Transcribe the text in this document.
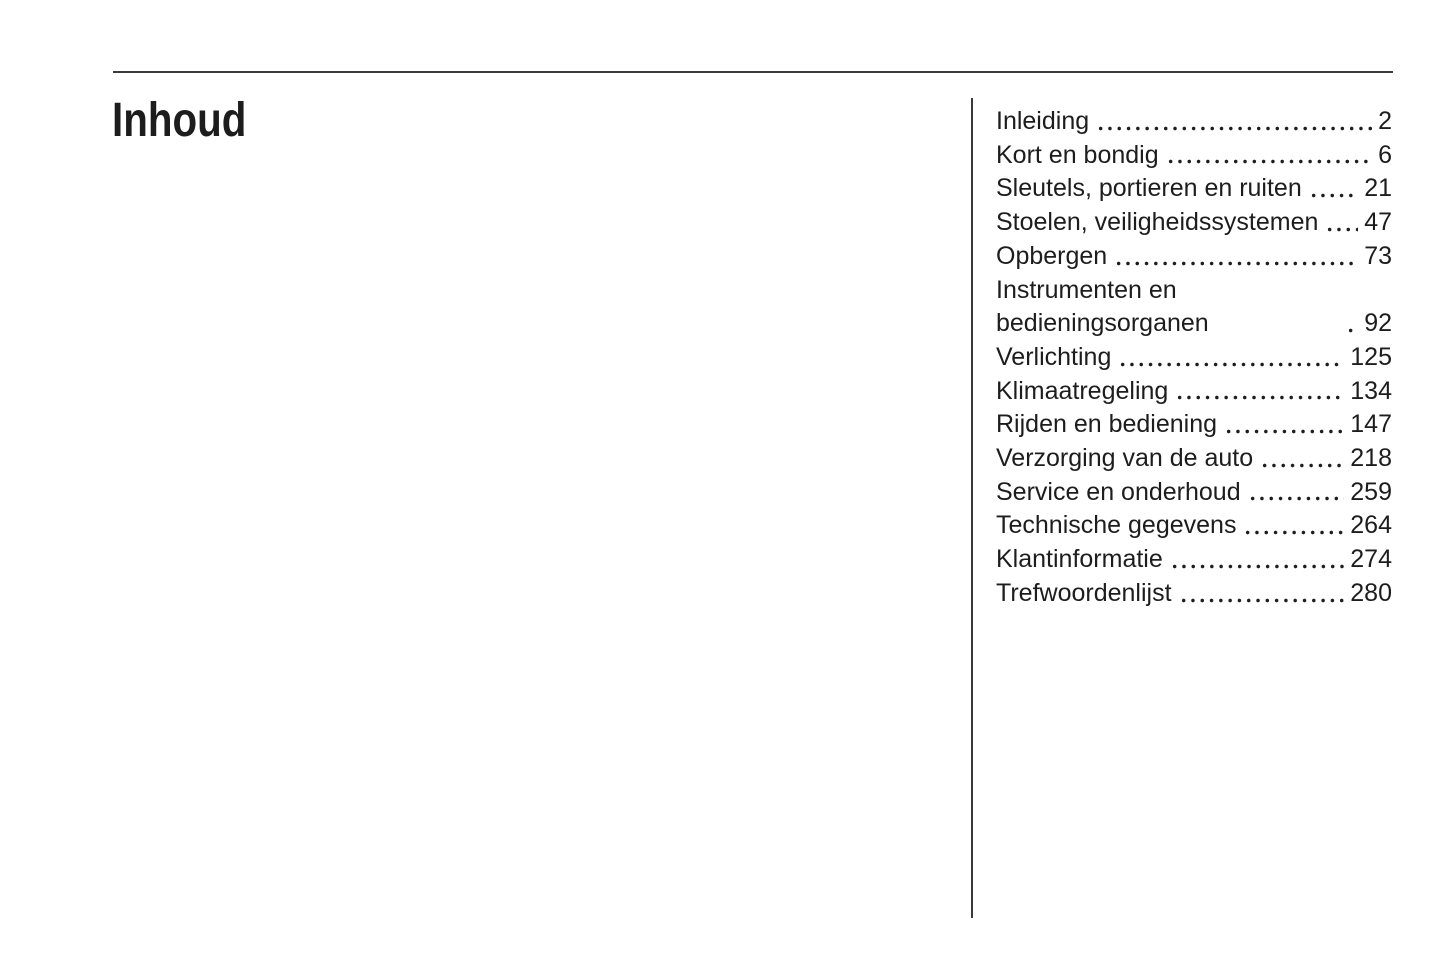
Inhoud	Inleiding	2
Kort en bondig	6
Sleutels, portieren en ruiten 21
Stoelen, veiligheidssystemen 47
Opbergen	73
Instrumenten en bedieningsorganen	92
Verlichting	125
Klimaatregeling	134
Rijden en bediening	147
Verzorging van de auto	218
Service en onderhoud	259
Technische gegevens	264
Klantinformatie	274
Trefwoordenlijst	280
